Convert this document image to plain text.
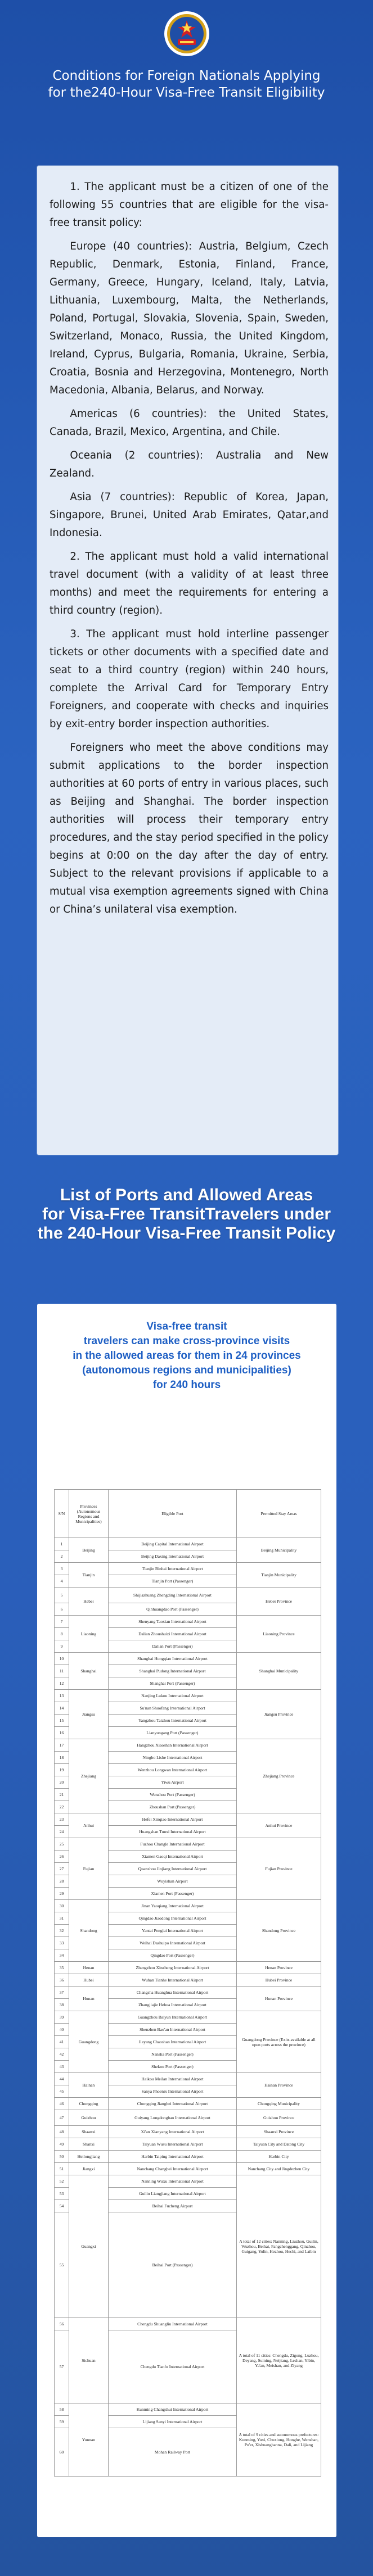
Conditions for Foreign Nationals Applying
for the240-Hour Visa-Free Transit Eligibility

1. The applicant must be a citizen of one of the following 55 countries that are eligible for the visa-free transit policy:

Europe (40 countries): Austria, Belgium, Czech Republic, Denmark, Estonia, Finland, France, Germany, Greece, Hungary, Iceland, Italy, Latvia, Lithuania, Luxembourg, Malta, the Netherlands, Poland, Portugal, Slovakia, Slovenia, Spain, Sweden, Switzerland, Monaco, Russia, the United Kingdom, Ireland, Cyprus, Bulgaria, Romania, Ukraine, Serbia, Croatia, Bosnia and Herzegovina, Montenegro, North Macedonia, Albania, Belarus, and Norway.

Americas (6 countries): the United States, Canada, Brazil, Mexico, Argentina, and Chile.

Oceania (2 countries): Australia and New Zealand.

Asia (7 countries): Republic of Korea, Japan, Singapore, Brunei, United Arab Emirates, Qatar,and Indonesia.

2. The applicant must hold a valid international travel document (with a validity of at least three months) and meet the requirements for entering a third country (region).

3. The applicant must hold interline passenger tickets or other documents with a specified date and seat to a third country (region) within 240 hours, complete the Arrival Card for Temporary Entry Foreigners, and cooperate with checks and inquiries by exit-entry border inspection authorities.

Foreigners who meet the above conditions may submit applications to the border inspection authorities at 60 ports of entry in various places, such as Beijing and Shanghai. The border inspection authorities will process their temporary entry procedures, and the stay period specified in the policy begins at 0:00 on the day after the day of entry. Subject to the relevant provisions if applicable to a mutual visa exemption agreements signed with China or China’s unilateral visa exemption.

List of Ports and Allowed Areas
for Visa-Free TransitTravelers under
the 240-Hour Visa-Free Transit Policy
Visa-free transit
travelers can make cross-province visits
in the allowed areas for them in 24 provinces
(autonomous regions and municipalities)
for 240 hours
S/N	Provinces (Autonomous Regions and Municipalities)	Eligible Port	Permitted Stay Areas
1	Beijing	Beijing Capital International Airport	Beijing Municipality
2		Beijing Daxing International Airport	
3	Tianjin	Tianjin Binhai International Airport	Tianjin Municipality
4		Tianjin Port (Passenger)	
5	Hebei	Shijiazhuang Zhengding International Airport	Hebei Province
6		Qinhuangdao Port (Passenger)	
7	Liaoning	Shenyang Taoxian International Airport	Liaoning Province
8		Dalian Zhoushuizi International Airport	
9		Dalian Port (Passenger)	
10	Shanghai	Shanghai Hongqiao International Airport	Shanghai Municipality
11		Shanghai Pudong International Airport	
12		Shanghai Port (Passenger)	
13	Jiangsu	Nanjing Lukou International Airport	Jiangsu Province
14		Su'nan Shuofang International Airport	
15		Yangzhou Taizhou International Airport	
16		Lianyungang Port (Passenger)	
17	Zhejiang	Hangzhou Xiaoshan International Airport	Zhejiang Province
18		Ningbo Lishe International Airport	
19		Wenzhou Longwan International Airport	
20		Yiwu Airport	
21		Wenzhou Port (Passenger)	
22		Zhoushan Port (Passenger)	
23	Anhui	Hefei Xinqiao International Airport	Anhui Province
24		Huangshan Tunxi International Airport	
25	Fujian	Fuzhou Changle International Airport	Fujian Province
26		Xiamen Gaoqi International Airport	
27		Quanzhou Jinjiang International Airport	
28		Wuyishan Airport	
29		Xiamen Port (Passenger)	
30	Shandong	Jinan Yaoqiang International Airport	Shandong Province
31		Qingdao Jiaodong International Airport	
32		Yantai Penglai International Airport	
33		Weihai Dashuipo International Airport	
34		Qingdao Port (Passenger)	
35	Henan	Zhengzhou Xinzheng International Airport	Henan Province
36	Hubei	Wuhan Tianhe International Airport	Hubei Province
37	Hunan	Changsha Huanghua International Airport	Hunan Province
38		Zhangjiajie Hehua International Airport	
39	Guangdong	Guangzhou Baiyun International Airport	Guangdong Province (Exits available at all open ports across the province)
40		Shenzhen Bao'an International Airport	
41		Jieyang Chaoshan International Airport	
42		Nansha Port (Passenger)	
43		Shekou Port (Passenger)	
44	Hainan	Haikou Meilan International Airport	Hainan Province
45		Sanya Phoenix International Airport	
46	Chongqing	Chongqing Jiangbei International Airport	Chongqing Municipality
47	Guizhou	Guiyang Longdongbao International Airport	Guizhou Province
48	Shaanxi	Xi'an Xianyang International Airport	Shaanxi Province
49	Shanxi	Taiyuan Wusu International Airport	Taiyuan City and Datong City
50	Heilongjiang	Harbin Taiping International Airport	Harbin City
51	Jiangxi	Nanchang Changbei International Airport	Nanchang City and Jingdezhen City
52	Guangxi	Nanning Wuxu International Airport	A total of 12 cities: Nanning, Liuzhou, Guilin, Wuzhou, Beihai, Fangchenggang, Qinzhou, Guigang, Yulin, Hezhou, Hechi, and Laibin
53		Guilin Liangjiang International Airport	
54		Beihai Fucheng Airport	
55		Beihai Port (Passenger)	
56	Sichuan	Chengdu Shuangliu International Airport	A total of 11 cities: Chengdu, Zigong, Luzhou, Deyang, Suining, Neijiang, Leshan, Yibin, Ya'an, Meishan, and Ziyang
57		Chengdu Tianfu International Airport	
58	Yunnan	Kunming Changshui International Airport	A total of 9 cities and autonomous prefectures: Kunming, Yuxi, Chuxiong, Honghe, Wenshan, Pu'er, Xishuangbanna, Dali, and Lijiang
59		Lijiang Sanyi International Airport	
60		Mohan Railway Port	
